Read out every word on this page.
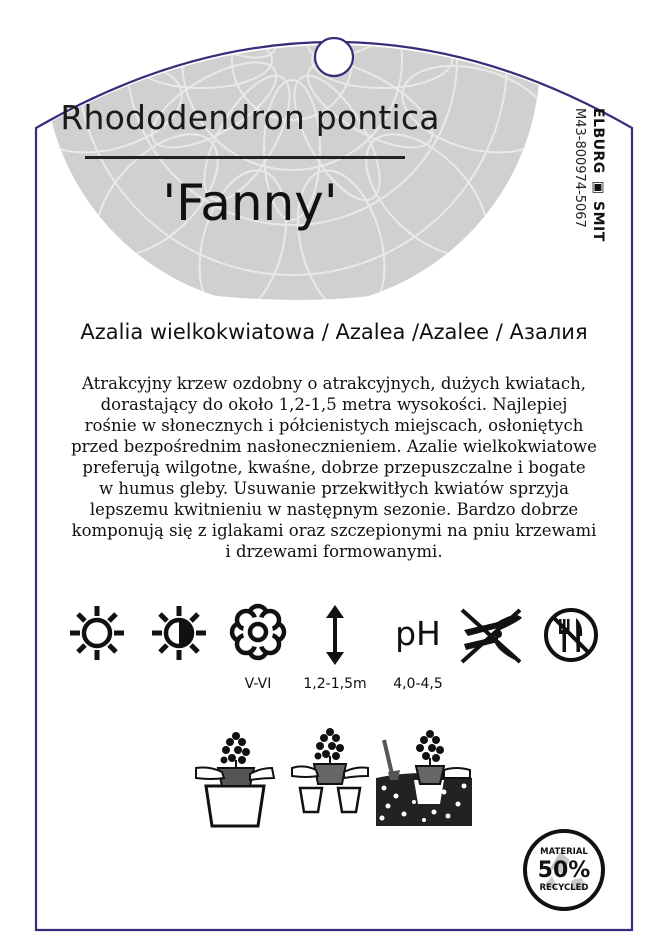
Rhododendron pontica
'Fanny'	ELBURG ▣ SMIT
M43-800974-5067
Azalia wielkokwiatowa / Azalea /Azalee / Азалия
Atrakcyjny krzew ozdobny o atrakcyjnych, dużych kwiatach,
dorastający do około 1,2-1,5 metra wysokości. Najlepiej
rośnie w słonecznych i półcienistych miejscach, osłoniętych
przed bezpośrednim nasłonecznieniem. Azalie wielkokwiatowe
preferują wilgotne, kwaśne, dobrze przepuszczalne i bogate
w humus gleby. Usuwanie przekwitłych kwiatów sprzyja
lepszemu kwitnieniu w następnym sezonie. Bardzo dobrze
komponują się z iglakami oraz szczepionymi na pniu krzewami
i drzewami formowanymi.
V-VI	1,2-1,5m
pH
4,0-4,5
MATERIAL
50%
RECYCLED
